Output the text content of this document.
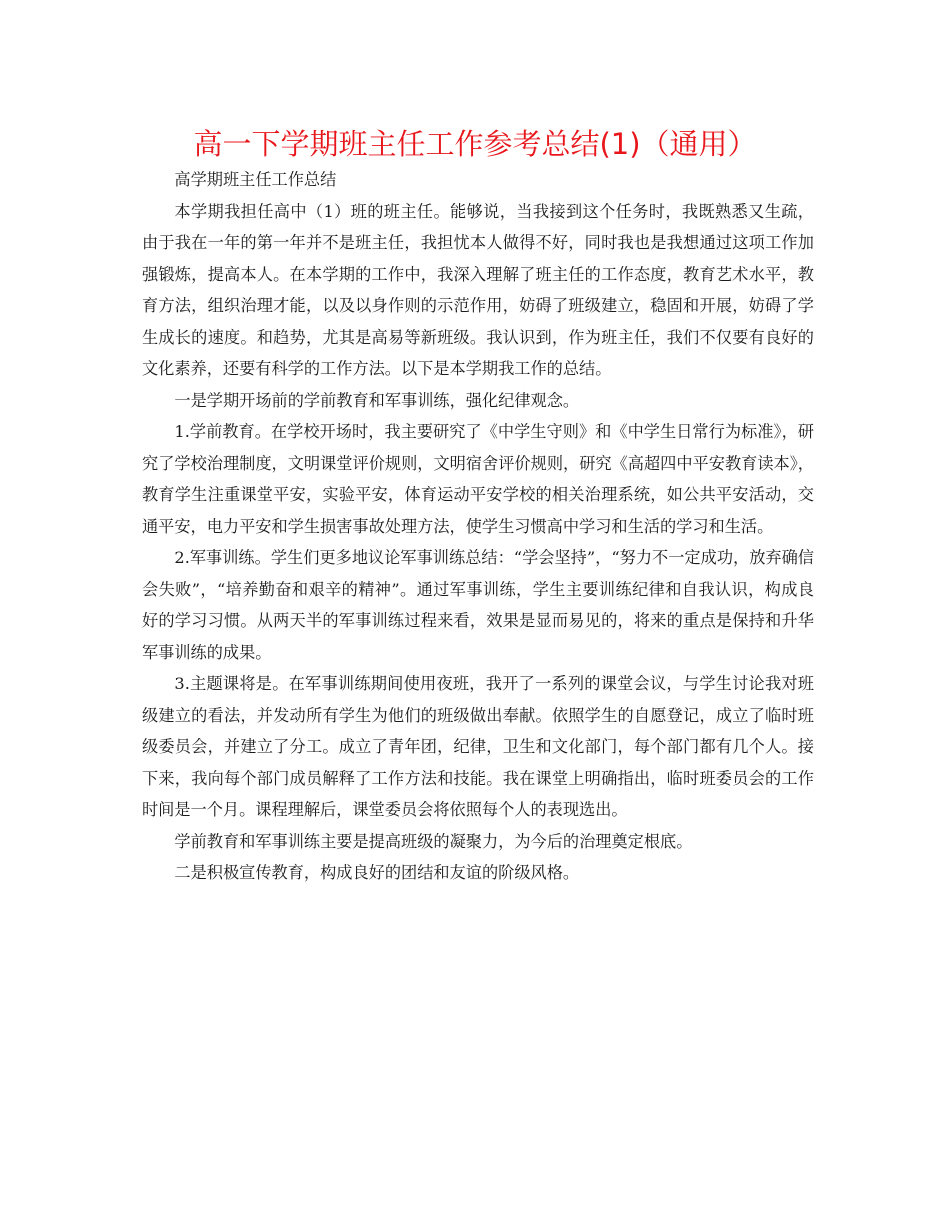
高一下学期班主任工作参考总结(1)（通用）

高学期班主任工作总结

本学期我担任高中（1）班的班主任。能够说，当我接到这个任务时，我既熟悉又生疏，由于我在一年的第一年并不是班主任，我担忧本人做得不好，同时我也是我想通过这项工作加强锻炼，提高本人。在本学期的工作中，我深入理解了班主任的工作态度，教育艺术水平，教育方法，组织治理才能，以及以身作则的示范作用，妨碍了班级建立，稳固和开展，妨碍了学生成长的速度。和趋势，尤其是高易等新班级。我认识到，作为班主任，我们不仅要有良好的文化素养，还要有科学的工作方法。以下是本学期我工作的总结。

一是学期开场前的学前教育和军事训练，强化纪律观念。

1.学前教育。在学校开场时，我主要研究了《中学生守则》和《中学生日常行为标准》，研究了学校治理制度，文明课堂评价规则，文明宿舍评价规则，研究《高超四中平安教育读本》，教育学生注重课堂平安，实验平安，体育运动平安学校的相关治理系统，如公共平安活动，交通平安，电力平安和学生损害事故处理方法，使学生习惯高中学习和生活的学习和生活。

2.军事训练。学生们更多地议论军事训练总结：“学会坚持”，“努力不一定成功，放弃确信会失败”，“培养勤奋和艰辛的精神”。通过军事训练，学生主要训练纪律和自我认识，构成良好的学习习惯。从两天半的军事训练过程来看，效果是显而易见的，将来的重点是保持和升华军事训练的成果。

3.主题课将是。在军事训练期间使用夜班，我开了一系列的课堂会议，与学生讨论我对班级建立的看法，并发动所有学生为他们的班级做出奉献。依照学生的自愿登记，成立了临时班级委员会，并建立了分工。成立了青年团，纪律，卫生和文化部门，每个部门都有几个人。接下来，我向每个部门成员解释了工作方法和技能。我在课堂上明确指出，临时班委员会的工作时间是一个月。课程理解后，课堂委员会将依照每个人的表现选出。

学前教育和军事训练主要是提高班级的凝聚力，为今后的治理奠定根底。

二是积极宣传教育，构成良好的团结和友谊的阶级风格。
